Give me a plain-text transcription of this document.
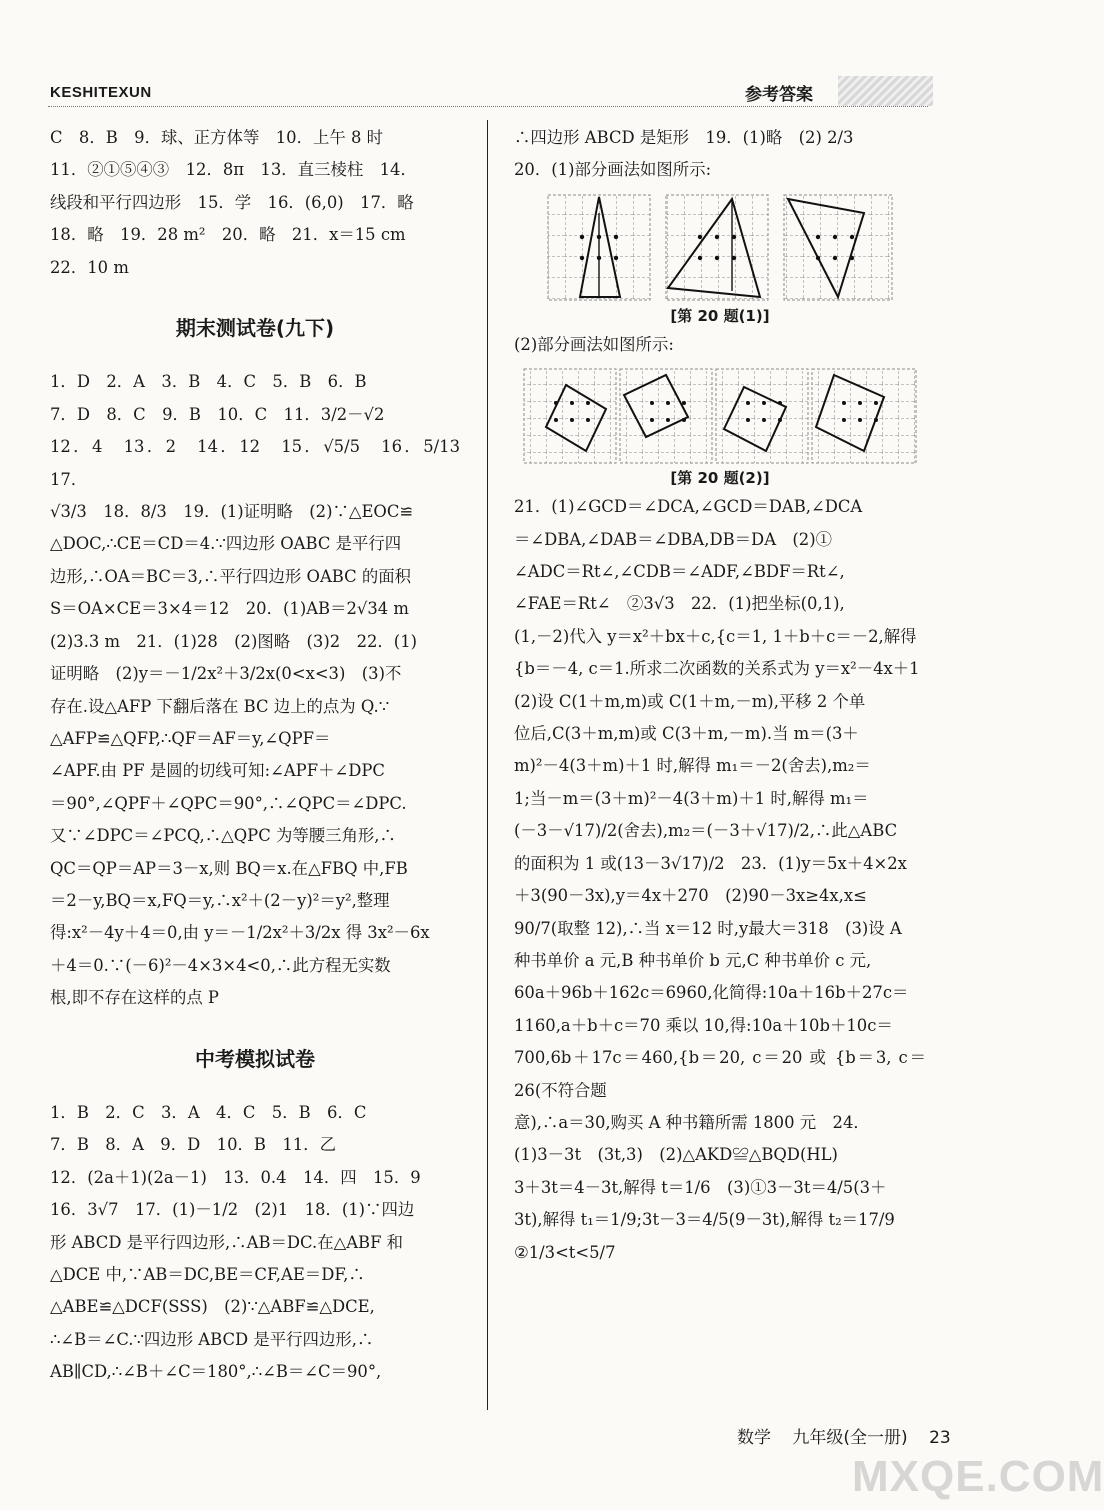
KESHITEXUN	参考答案
C　8．B　9．球、正方体等　10．上午 8 时
11．②①⑤④③　12．8π　13．直三棱柱　14．
线段和平行四边形　15．学　16．(6,0)　17．略
18．略　19．28 m²　20．略　21．x＝15 cm
22．10 m
期末测试卷(九下)
1．D　2．A　3．B　4．C　5．B　6．B
7．D　8．C　9．B　10．C　11．3/2－√2
12．4　13．2　14．12　15．√5/5　16．5/13　17．
√3/3　18．8/3　19．(1)证明略　(2)∵△EOC≌
△DOC,∴CE＝CD＝4.∵四边形 OABC 是平行四
边形,∴OA＝BC＝3,∴平行四边形 OABC 的面积
S＝OA×CE＝3×4＝12　20．(1)AB＝2√34 m
(2)3.3 m　21．(1)28　(2)图略　(3)2　22．(1)
证明略　(2)y＝－1/2x²＋3/2x(0<x<3)　(3)不
存在.设△AFP 下翻后落在 BC 边上的点为 Q.∵
△AFP≌△QFP,∴QF＝AF＝y,∠QPF＝
∠APF.由 PF 是圆的切线可知:∠APF＋∠DPC
＝90°,∠QPF＋∠QPC＝90°,∴∠QPC＝∠DPC.
又∵∠DPC＝∠PCQ,∴△QPC 为等腰三角形,∴
QC＝QP＝AP＝3－x,则 BQ＝x.在△FBQ 中,FB
＝2－y,BQ＝x,FQ＝y,∴x²＋(2－y)²＝y²,整理
得:x²－4y＋4＝0,由 y＝－1/2x²＋3/2x 得 3x²－6x
＋4＝0.∵(－6)²－4×3×4<0,∴此方程无实数
根,即不存在这样的点 P
中考模拟试卷
1．B　2．C　3．A　4．C　5．B　6．C
7．B　8．A　9．D　10．B　11．乙
12．(2a＋1)(2a－1)　13．0.4　14．四　15．9
16．3√7　17．(1)－1/2　(2)1　18．(1)∵四边
形 ABCD 是平行四边形,∴AB＝DC.在△ABF 和
△DCE 中,∵AB＝DC,BE＝CF,AE＝DF,∴
△ABE≌△DCF(SSS)　(2)∵△ABF≌△DCE,
∴∠B＝∠C.∵四边形 ABCD 是平行四边形,∴
AB∥CD,∴∠B＋∠C＝180°,∴∠B＝∠C＝90°,
∴四边形 ABCD 是矩形　19．(1)略　(2) 2/3
20．(1)部分画法如图所示:
[第 20 题(1)]
(2)部分画法如图所示:
[第 20 题(2)]
21．(1)∠GCD＝∠DCA,∠GCD＝DAB,∠DCA
＝∠DBA,∠DAB＝∠DBA,DB＝DA　(2)①
∠ADC＝Rt∠,∠CDB＝∠ADF,∠BDF＝Rt∠,
∠FAE＝Rt∠　②3√3　22．(1)把坐标(0,1),
(1,－2)代入 y＝x²＋bx＋c,{c＝1, 1＋b＋c＝－2,解得
{b＝－4, c＝1.所求二次函数的关系式为 y＝x²－4x＋1
(2)设 C(1＋m,m)或 C(1＋m,－m),平移 2 个单
位后,C(3＋m,m)或 C(3＋m,－m).当 m＝(3＋
m)²－4(3＋m)＋1 时,解得 m₁＝－2(舍去),m₂＝
1;当－m＝(3＋m)²－4(3＋m)＋1 时,解得 m₁＝
(－3－√17)/2(舍去),m₂＝(－3＋√17)/2,∴此△ABC
的面积为 1 或(13－3√17)/2　23．(1)y＝5x＋4×2x
＋3(90－3x),y＝4x＋270　(2)90－3x≥4x,x≤
90/7(取整 12),∴当 x＝12 时,y最大＝318　(3)设 A
种书单价 a 元,B 种书单价 b 元,C 种书单价 c 元,
60a＋96b＋162c＝6960,化简得:10a＋16b＋27c＝
1160,a＋b＋c＝70 乘以 10,得:10a＋10b＋10c＝
700,6b＋17c＝460,{b＝20, c＝20 或 {b＝3, c＝26(不符合题
意),∴a＝30,购买 A 种书籍所需 1800 元　24．
(1)3－3t　(3t,3)　(2)△AKD≌△BQD(HL)
3＋3t＝4－3t,解得 t＝1/6　(3)①3－3t＝4/5(3＋
3t),解得 t₁＝1/9;3t－3＝4/5(9－3t),解得 t₂＝17/9
②1/3<t<5/7
数学 九年级(全一册) 23
MXQE.COM
